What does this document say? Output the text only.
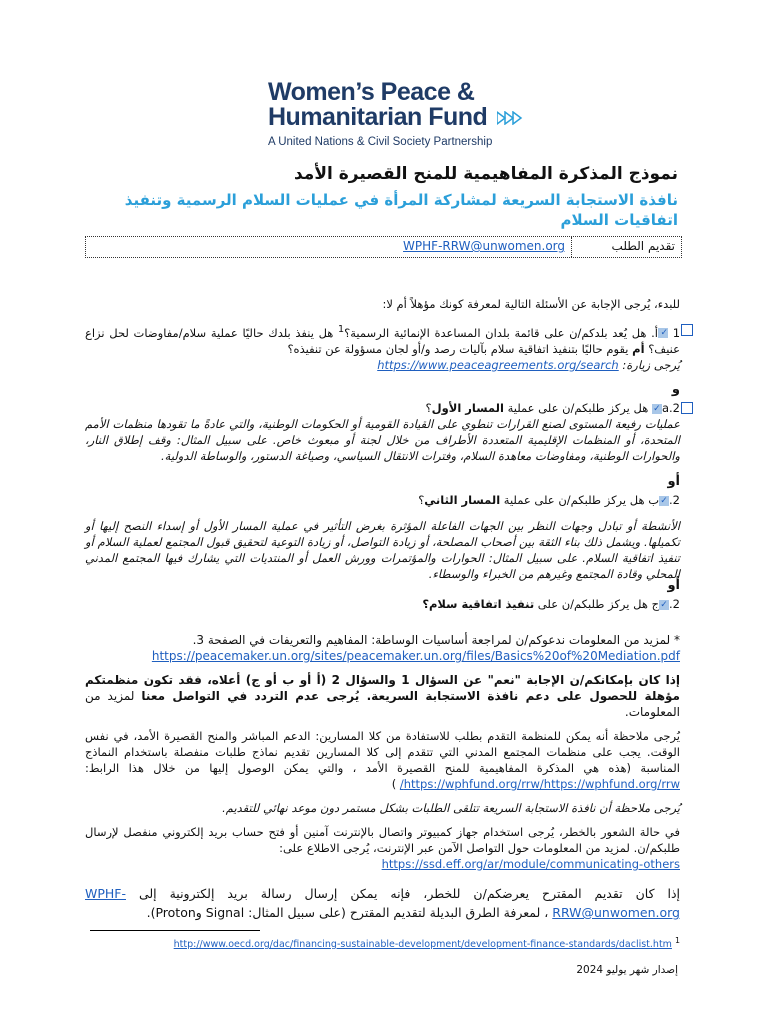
Women’s Peace &
Humanitarian Fund
A United Nations & Civil Society Partnership
نموذج المذكرة المفاهيمية للمنح القصيرة الأمد
نافذة الاستجابة السريعة لمشاركة المرأة في عمليات السلام الرسمية وتنفيذ اتفاقيات السلام
تقديم الطلب
WPHF-RRW@unwomen.org
للبدء، يُرجى الإجابة عن الأسئلة التالية لمعرفة كونك مؤهلاً أم لا:
1 ✓أ. هل يُعد بلدكم/ن على قائمة بلدان المساعدة الإنمائية الرسمية؟$^1$ هل ينفذ بلدك حاليًا عملية سلام/مفاوضات لحل نزاع عنيف؟ أم يقوم حاليًا بتنفيذ اتفاقية سلام بآليات رصد و/أو لجان مسؤولة عن تنفيذه؟
يُرجى زيارة: https://www.peaceagreements.org/search
و
2.a✓ هل يركز طلبكم/ن على عملية المسار الأول؟
عمليات رفيعة المستوى لصنع القرارات تنطوي على القيادة القومية أو الحكومات الوطنية، والتي عادةً ما تقودها منظمات الأمم المتحدة، أو المنظمات الإقليمية المتعددة الأطراف من خلال لجنة أو مبعوث خاص. على سبيل المثال: وقف إطلاق النار، والحوارات الوطنية، ومفاوضات معاهدة السلام، وفترات الانتقال السياسي، وصياغة الدستور، والوساطة الدولية.
أو
2.✓ب هل يركز طلبكم/ن على عملية المسار الثاني؟
الأنشطة أو تبادل وجهات النظر بين الجهات الفاعلة المؤثرة بغرض التأثير في عملية المسار الأول أو إسداء النصح إليها أو تكميلها. ويشمل ذلك بناء الثقة بين أصحاب المصلحة، أو زيادة التواصل، أو زيادة التوعية لتحقيق قبول المجتمع لعملية السلام أو تنفيذ اتفاقية السلام. على سبيل المثال: الحوارات والمؤتمرات وورش العمل أو المنتديات التي يشارك فيها المجتمع المدني المحلي وقادة المجتمع وغيرهم من الخبراء والوسطاء.
أو
2.✓ج هل يركز طلبكم/ن على تنفيذ اتفاقية سلام؟
* لمزيد من المعلومات ندعوكم/ن لمراجعة أساسيات الوساطة: المفاهيم والتعريفات في الصفحة 3.
https://peacemaker.un.org/sites/peacemaker.un.org/files/Basics%20of%20Mediation.pdf
إذا كان بإمكانكم/ن الإجابة "نعم" عن السؤال 1 والسؤال 2 (أ أو ب أو ج) أعلاه، فقد تكون منظمتكم مؤهلة للحصول على دعم نافذة الاستجابة السريعة. يُرجى عدم التردد في التواصل معنا لمزيد من المعلومات.
يُرجى ملاحظة أنه يمكن للمنظمة التقدم بطلب للاستفادة من كلا المسارين: الدعم المباشر والمنح القصيرة الأمد، في نفس الوقت. يجب على منظمات المجتمع المدني التي تتقدم إلى كلا المسارين تقديم نماذج طلبات منفصلة باستخدام النماذج المناسبة (هذه هي المذكرة المفاهيمية للمنح القصيرة الأمد ، والتي يمكن الوصول إليها من خلال هذا الرابط: https://wphfund.org/rrw/https://wphfund.org/rrw/ )
يُرجى ملاحظة أن نافذة الاستجابة السريعة تتلقى الطلبات بشكل مستمر دون موعد نهائي للتقديم.
في حالة الشعور بالخطر، يُرجى استخدام جهاز كمبيوتر واتصال بالإنترنت آمنين أو فتح حساب بريد إلكتروني منفصل لإرسال طلبكم/ن. لمزيد من المعلومات حول التواصل الآمن عبر الإنترنت، يُرجى الاطلاع على:
https://ssd.eff.org/ar/module/communicating-others
إذا كان تقديم المقترح يعرضكم/ن للخطر، فإنه يمكن إرسال رسالة بريد إلكترونية إلى WPHF-RRW@unwomen.org ، لمعرفة الطرق البديلة لتقديم المقترح (على سبيل المثال: Signal وProton).
http://www.oecd.org/dac/financing-sustainable-development/development-finance-standards/daclist.htm $^1$
إصدار شهر يوليو 2024
